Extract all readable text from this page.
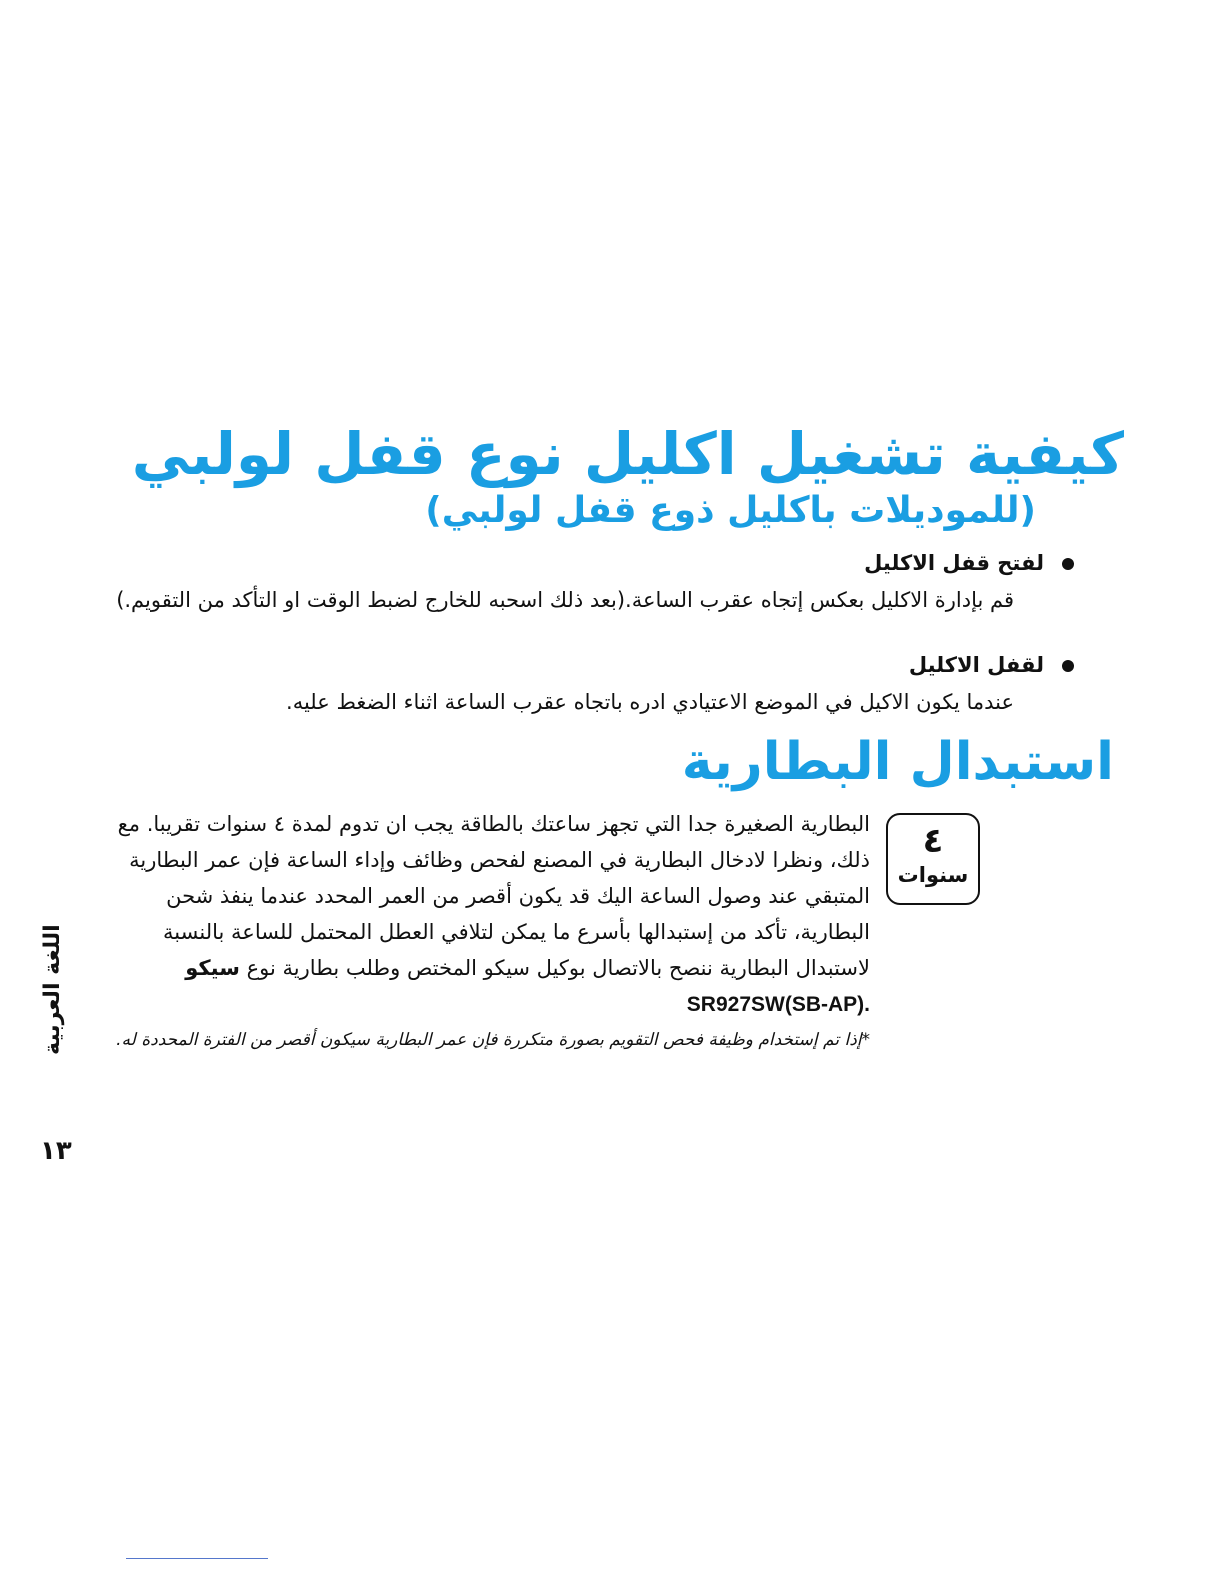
كيفية تشغيل اكليل نوع قفل لولبي
(للموديلات باكليل ذوع قفل لولبي)
لفتح قفل الاكليل
قم بإدارة الاكليل بعكس إتجاه عقرب الساعة.(بعد ذلك اسحبه للخارج لضبط الوقت او التأكد من التقويم.)
لقفل الاكليل
عندما يكون الاكيل في الموضع الاعتيادي ادره باتجاه عقرب الساعة اثناء الضغط عليه.
استبدال البطارية
٤
سنوات
البطارية الصغيرة جدا التي تجهز ساعتك بالطاقة يجب ان تدوم لمدة ٤ سنوات تقريبا. مع ذلك، ونظرا لادخال البطارية في المصنع لفحص وظائف وإداء الساعة فإن عمر البطارية المتبقي عند وصول الساعة اليك قد يكون أقصر من العمر المحدد عندما ينفذ شحن البطارية، تأكد من إستبدالها بأسرع ما يمكن لتلافي العطل المحتمل للساعة بالنسبة لاستبدال البطارية ننصح بالاتصال بوكيل سيكو المختص وطلب بطارية نوع سيكو SR927SW(SB-AP).
*إذا تم إستخدام وظيفة فحص التقويم بصورة متكررة فإن عمر البطارية سيكون أقصر من الفترة المحددة له.
اللغة العربية
١٣
